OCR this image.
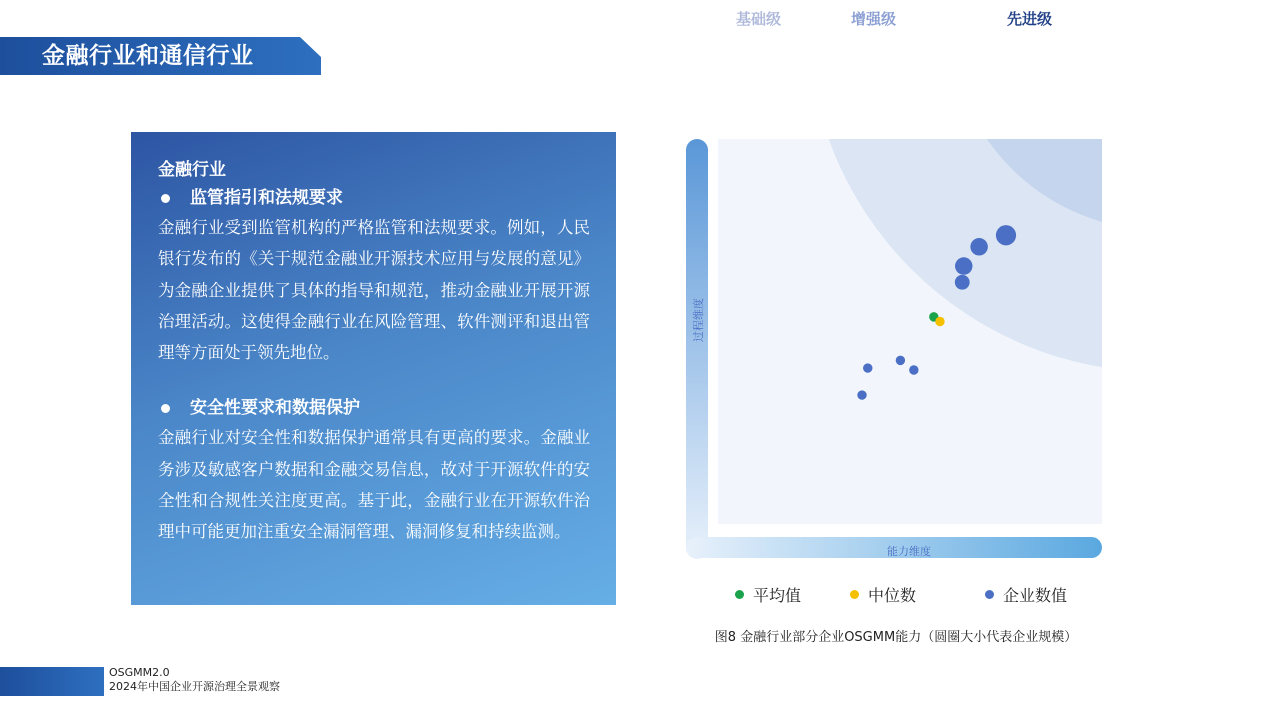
金融行业和通信行业
金融行业
监管指引和法规要求

金融行业受到监管机构的严格监管和法规要求。例如，人民银行发布的《关于规范金融业开源技术应用与发展的意见》为金融企业提供了具体的指导和规范，推动金融业开展开源治理活动。这使得金融行业在风险管理、软件测评和退出管理等方面处于领先地位。

安全性要求和数据保护

金融行业对安全性和数据保护通常具有更高的要求。金融业务涉及敏感客户数据和金融交易信息，故对于开源软件的安全性和合规性关注度更高。基于此，金融行业在开源软件治理中可能更加注重安全漏洞管理、漏洞修复和持续监测。

基础级	增强级	先进级
能力维度
过程维度
平均值	中位数	企业数值
图8 金融行业部分企业OSGMM能力（圆圈大小代表企业规模）
OSGMM2.0
2024年中国企业开源治理全景观察
